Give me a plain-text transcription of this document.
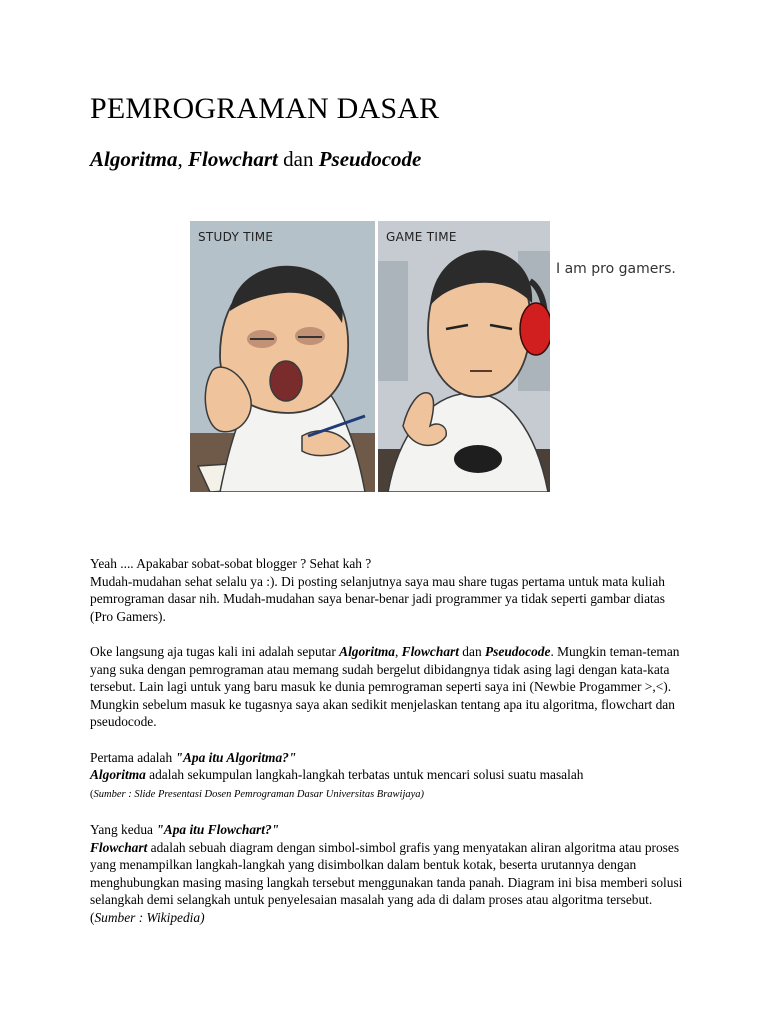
PEMROGRAMAN DASAR
Algoritma, Flowchart dan Pseudocode
STUDY TIME	GAME TIME
I am pro gamers.

Yeah .... Apakabar sobat-sobat blogger ? Sehat kah ?
Mudah-mudahan sehat selalu ya :). Di posting selanjutnya saya mau share tugas pertama untuk mata kuliah pemrograman dasar nih. Mudah-mudahan saya benar-benar jadi programmer ya tidak seperti gambar diatas (Pro Gamers).

Oke langsung aja tugas kali ini adalah seputar Algoritma, Flowchart dan Pseudocode. Mungkin teman-teman yang suka dengan pemrograman atau memang sudah bergelut dibidangnya tidak asing lagi dengan kata-kata tersebut. Lain lagi untuk yang baru masuk ke dunia pemrograman seperti saya ini (Newbie Progammer >,<). Mungkin sebelum masuk ke tugasnya saya akan sedikit menjelaskan tentang apa itu algoritma, flowchart dan pseudocode.

Pertama adalah "Apa itu Algoritma?"
Algoritma adalah sekumpulan langkah-langkah terbatas untuk mencari solusi suatu masalah
(Sumber : Slide Presentasi Dosen Pemrograman Dasar Universitas Brawijaya)

Yang kedua "Apa itu Flowchart?"
Flowchart adalah sebuah diagram dengan simbol-simbol grafis yang menyatakan aliran algoritma atau proses yang menampilkan langkah-langkah yang disimbolkan dalam bentuk kotak, beserta urutannya dengan menghubungkan masing masing langkah tersebut menggunakan tanda panah. Diagram ini bisa memberi solusi selangkah demi selangkah untuk penyelesaian masalah yang ada di dalam proses atau algoritma tersebut. (Sumber : Wikipedia)
